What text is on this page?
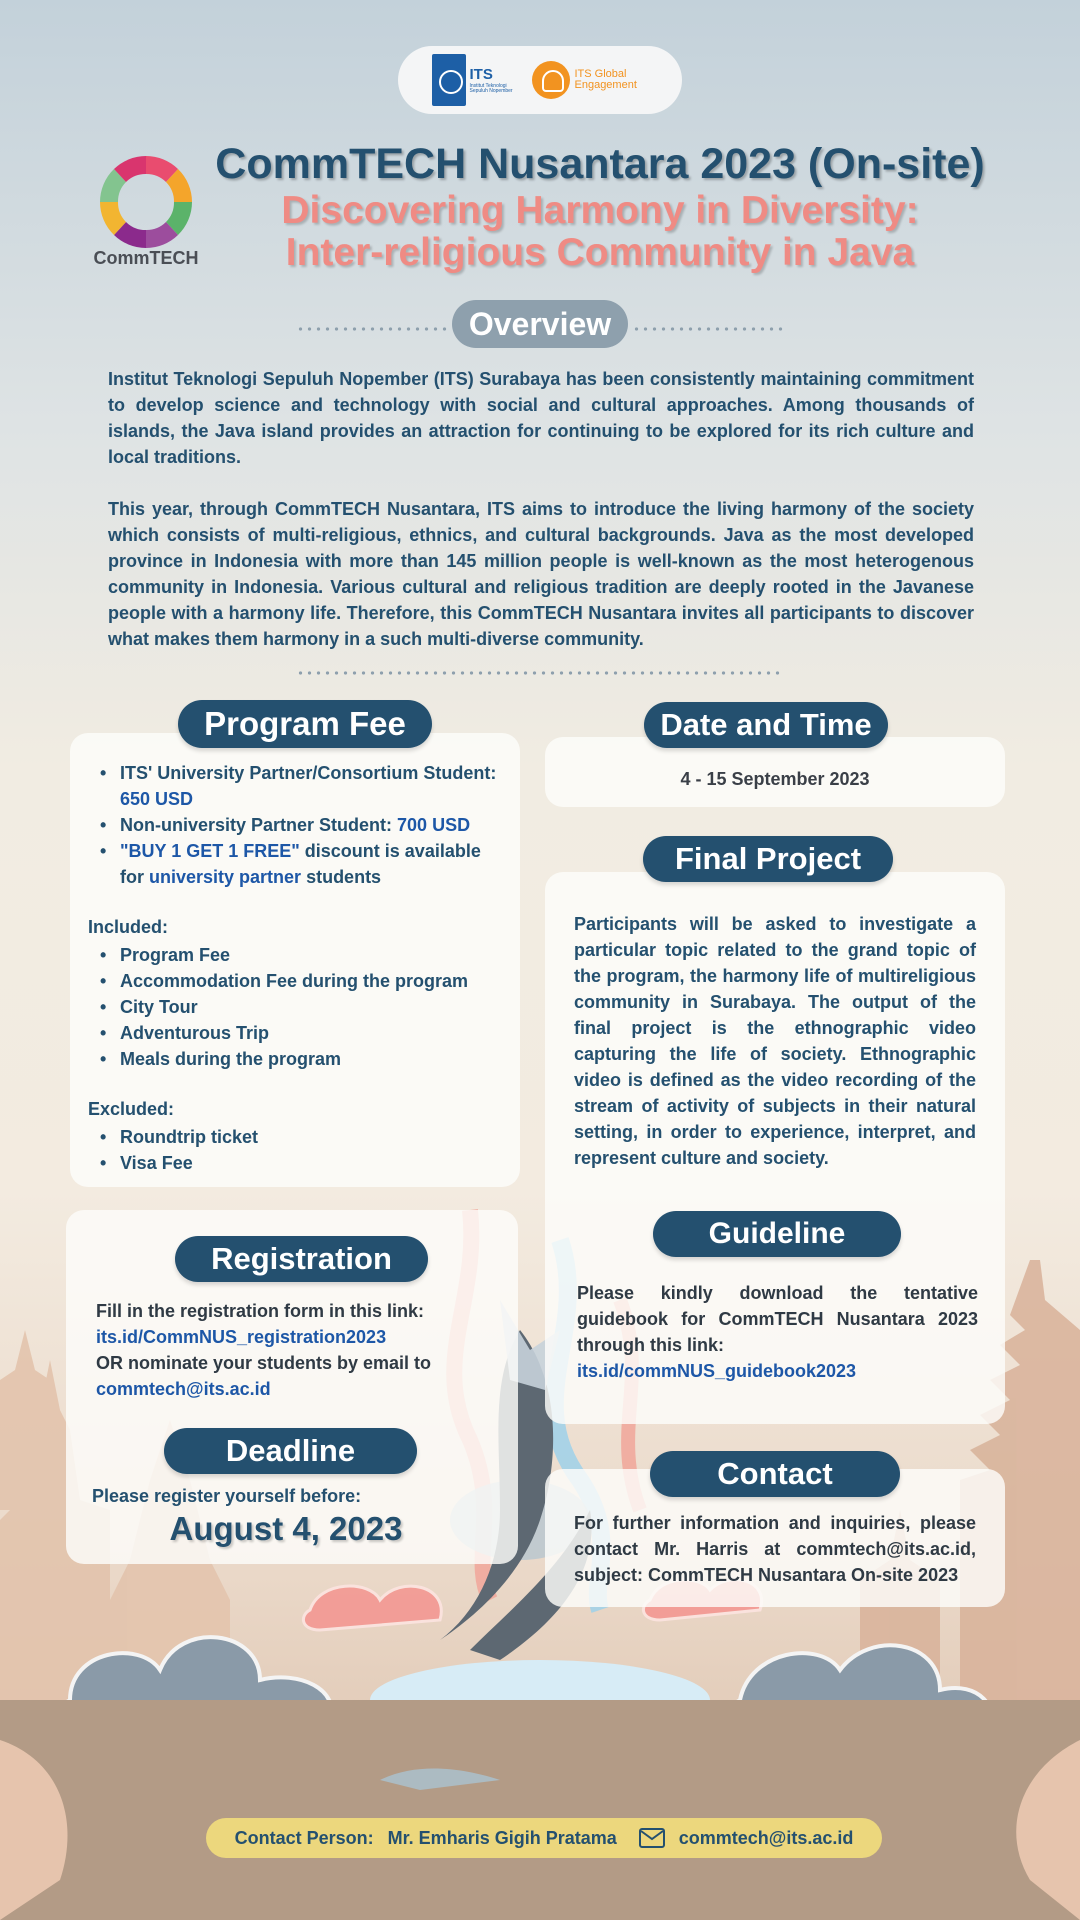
ITS
Institut Teknologi Sepuluh Nopember
ITS Global Engagement
CommTECH
CommTECH Nusantara 2023 (On-site)
Discovering Harmony in Diversity:
Inter-religious Community in Java
Overview

Institut Teknologi Sepuluh Nopember (ITS) Surabaya has been consistently maintaining commitment to develop science and technology with social and cultural approaches. Among thousands of islands, the Java island provides an attraction for continuing to be explored for its rich culture and local traditions.

This year, through CommTECH Nusantara, ITS aims to introduce the living harmony of the society which consists of multi-religious, ethnics, and cultural backgrounds. Java as the most developed province in Indonesia with more than 145 million people is well-known as the most heterogenous community in Indonesia. Various cultural and religious tradition are deeply rooted in the Javanese people with a harmony life. Therefore, this CommTECH Nusantara invites all participants to discover what makes them harmony in a such multi-diverse community.

Program Fee
• ITS' University Partner/Consortium Student: 650 USD
• Non-university Partner Student: 700 USD
• "BUY 1 GET 1 FREE" discount is available for university partner students
Included:
• Program Fee
• Accommodation Fee during the program
• City Tour
• Adventurous Trip
• Meals during the program
Excluded:
• Roundtrip ticket
• Visa Fee
Date and Time
4 - 15 September 2023
Final Project
Participants will be asked to investigate a particular topic related to the grand topic of the program, the harmony life of multireligious community in Surabaya. The output of the final project is the ethnographic video capturing the life of society. Ethnographic video is defined as the video recording of the stream of activity of subjects in their natural setting, in order to experience, interpret, and represent culture and society.
Guideline
Please kindly download the tentative guidebook for CommTECH Nusantara 2023 through this link:
its.id/commNUS_guidebook2023
Registration
Fill in the registration form in this link:
its.id/CommNUS_registration2023
OR nominate your students by email to
commtech@its.ac.id
Deadline
Please register yourself before:
August 4, 2023
Contact
For further information and inquiries, please contact Mr. Harris at commtech@its.ac.id, subject: CommTECH Nusantara On-site 2023
Contact Person: Mr. Emharis Gigih Pratama	commtech@its.ac.id
